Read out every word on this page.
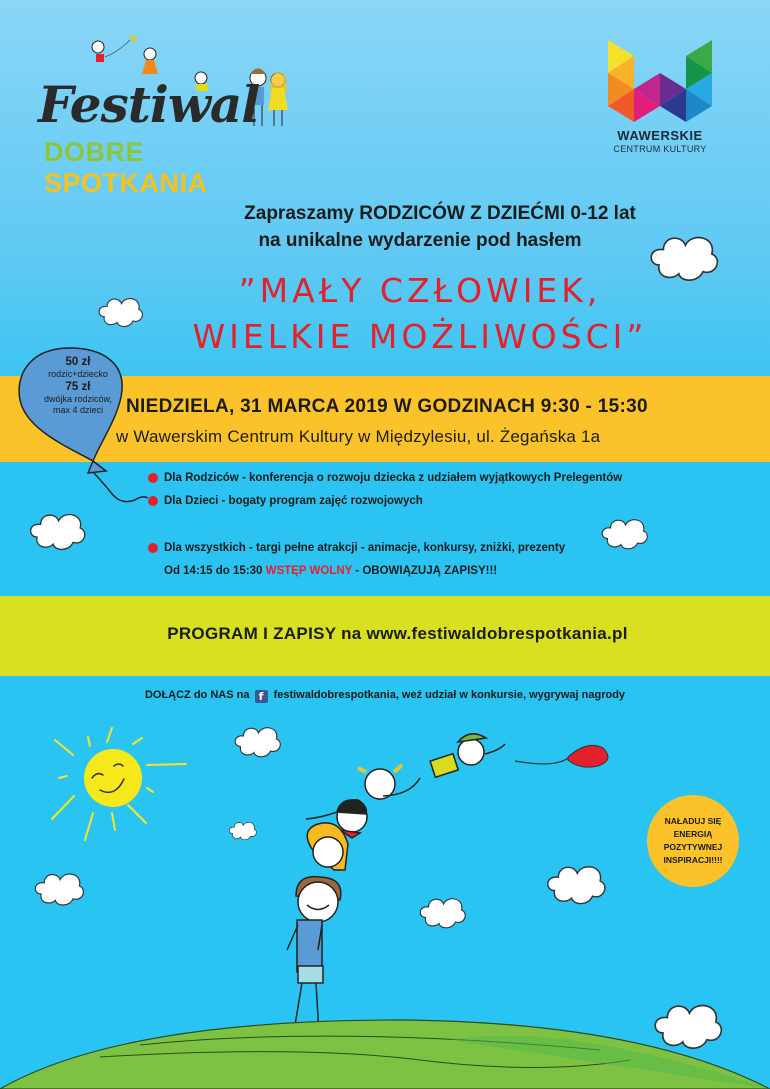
Festiwal
DOBRE SPOTKANIA
WAWERSKIE
CENTRUM KULTURY
Zapraszamy RODZICÓW Z DZIEĆMI 0-12 lat
na unikalne wydarzenie pod hasłem
”MAŁY CZŁOWIEK,
WIELKIE MOŻLIWOŚCI”
NIEDZIELA, 31 MARCA 2019 W GODZINACH 9:30 - 15:30
w Wawerskim Centrum Kultury w Międzylesiu, ul. Żegańska 1a
50 zł
rodzic+dziecko
75 zł
dwójka rodziców,
max 4 dzieci
Dla Rodziców - konferencja o rozwoju dziecka z udziałem wyjątkowych Prelegentów
Dla Dzieci - bogaty program zajęć rozwojowych
Dla wszystkich - targi pełne atrakcji - animacje, konkursy, zniżki, prezenty
Od 14:15 do 15:30 WSTĘP WOLNY - OBOWIĄZUJĄ ZAPISY!!!
PROGRAM I ZAPISY na www.festiwaldobrespotkania.pl
DOŁĄCZ do NAS na f festiwaldobrespotkania, weź udział w konkursie, wygrywaj nagrody
NAŁADUJ SIĘ
ENERGIĄ
POZYTYWNEJ
INSPIRACJI!!!!
